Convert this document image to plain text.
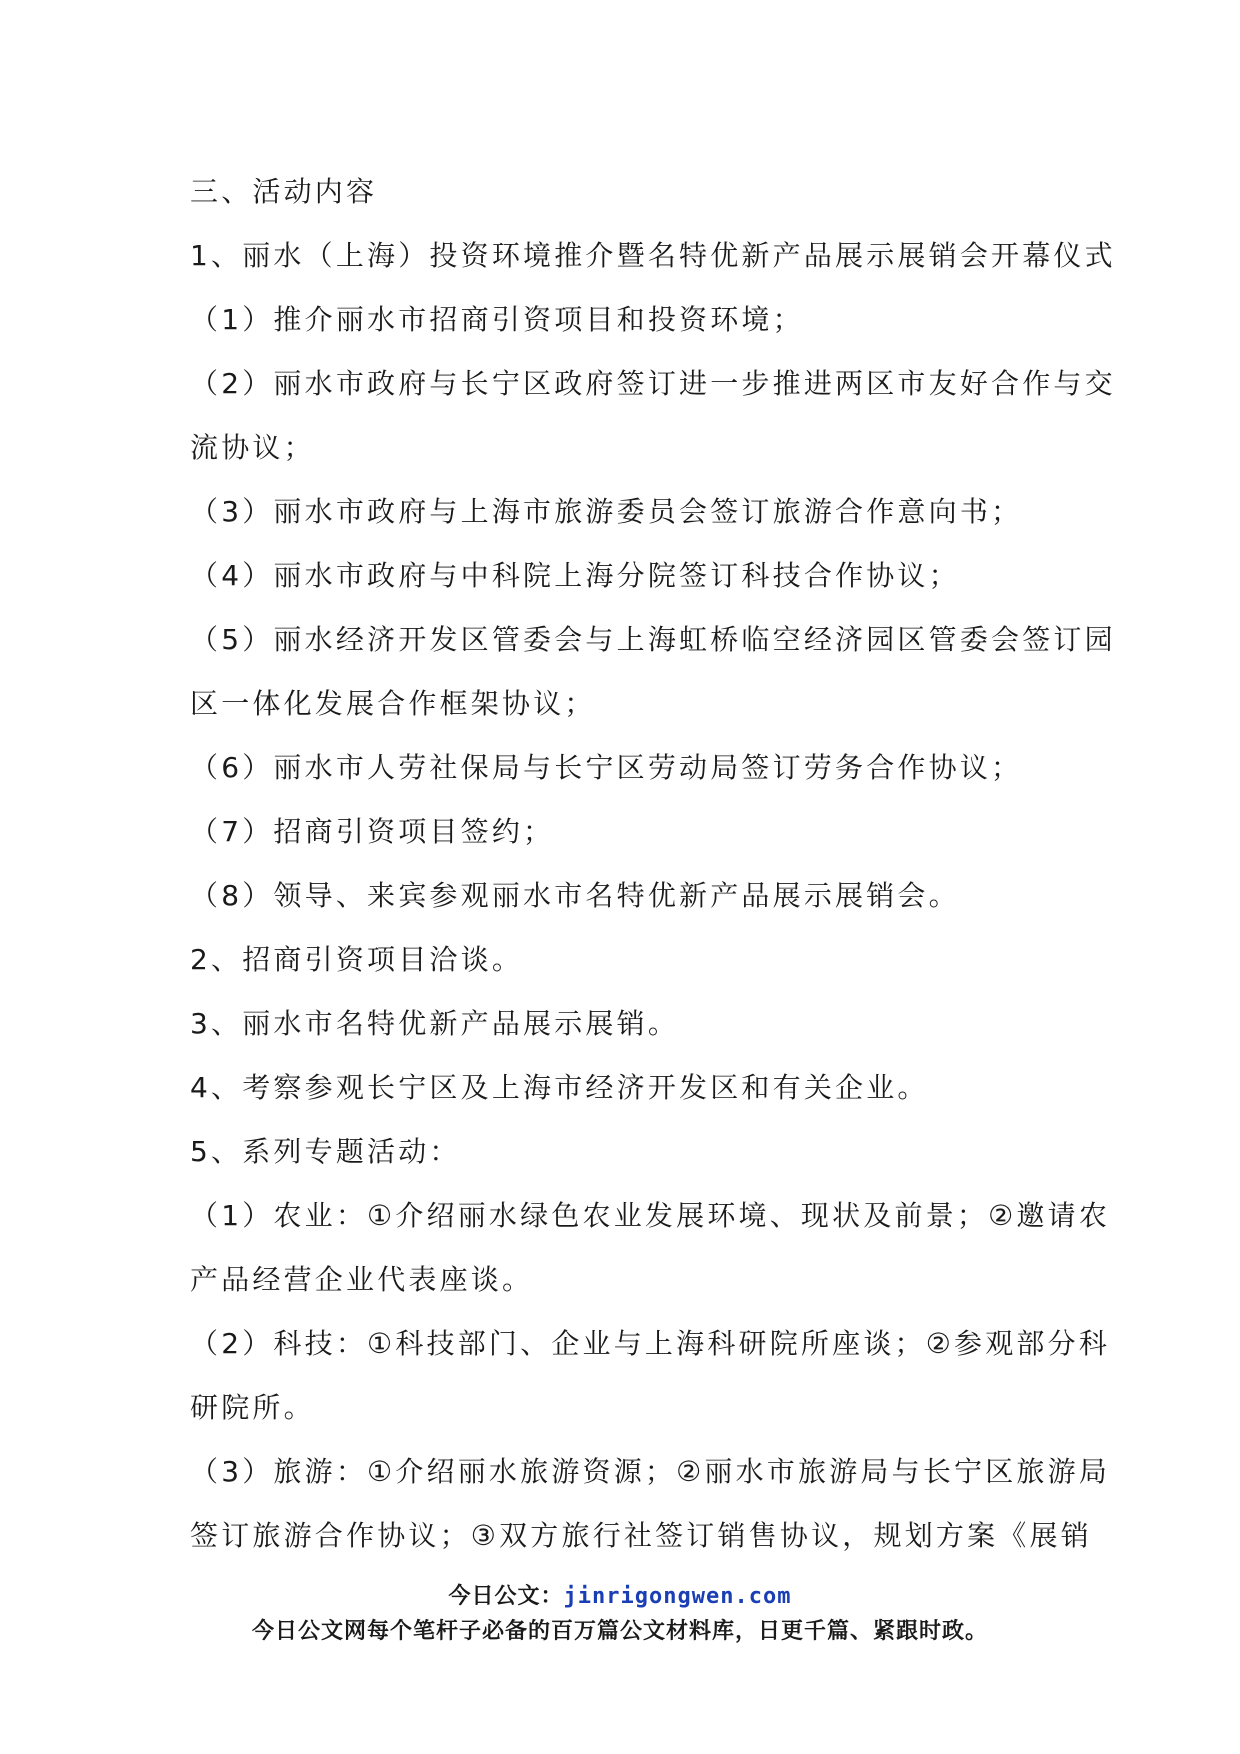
三、活动内容
1、丽水（上海）投资环境推介暨名特优新产品展示展销会开幕仪式
（1）推介丽水市招商引资项目和投资环境；
（2）丽水市政府与长宁区政府签订进一步推进两区市友好合作与交
流协议；
（3）丽水市政府与上海市旅游委员会签订旅游合作意向书；
（4）丽水市政府与中科院上海分院签订科技合作协议；
（5）丽水经济开发区管委会与上海虹桥临空经济园区管委会签订园
区一体化发展合作框架协议；
（6）丽水市人劳社保局与长宁区劳动局签订劳务合作协议；
（7）招商引资项目签约；
（8）领导、来宾参观丽水市名特优新产品展示展销会。
2、招商引资项目洽谈。
3、丽水市名特优新产品展示展销。
4、考察参观长宁区及上海市经济开发区和有关企业。
5、系列专题活动：
（1）农业：①介绍丽水绿色农业发展环境、现状及前景；②邀请农
产品经营企业代表座谈。
（2）科技：①科技部门、企业与上海科研院所座谈；②参观部分科
研院所。
（3）旅游：①介绍丽水旅游资源；②丽水市旅游局与长宁区旅游局
签订旅游合作协议；③双方旅行社签订销售协议，规划方案《展销
今日公文：jinrigongwen.com
今日公文网每个笔杆子必备的百万篇公文材料库，日更千篇、紧跟时政。
